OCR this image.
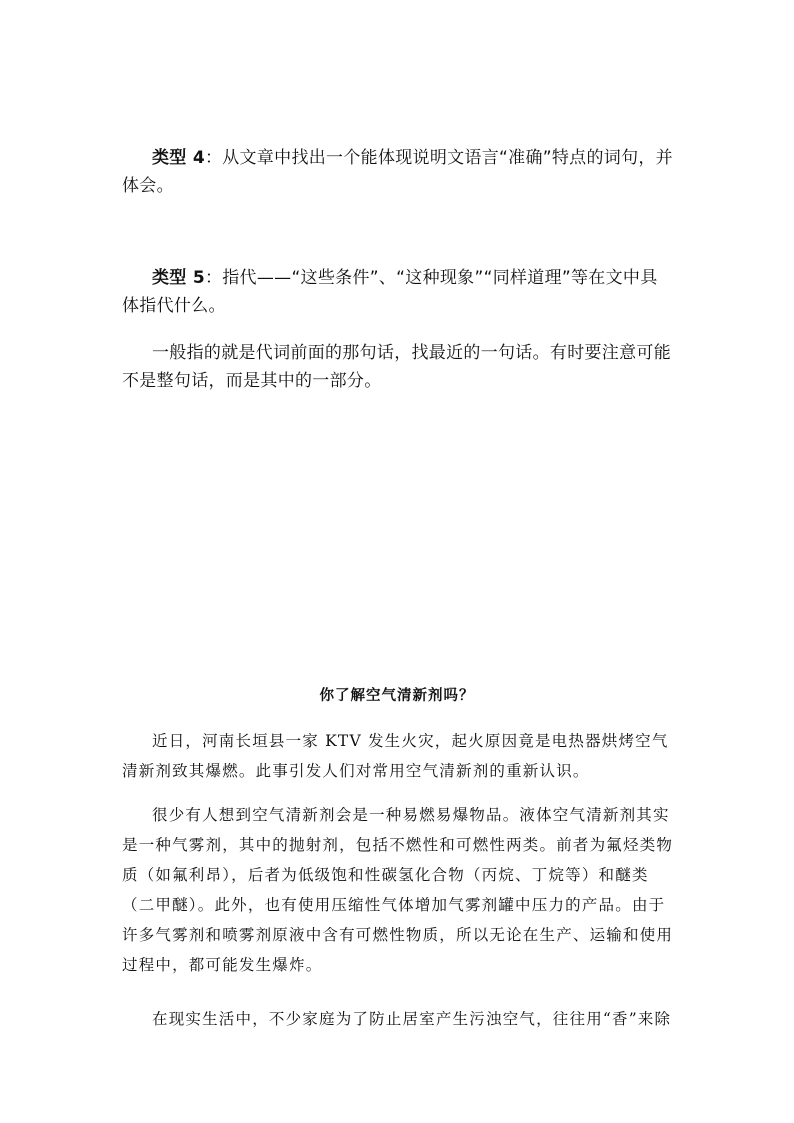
类型 4：从文章中找出一个能体现说明文语言“准确”特点的词句，并体会。

类型 5：指代——“这些条件”、“这种现象”“同样道理”等在文中具体指代什么。

一般指的就是代词前面的那句话，找最近的一句话。有时要注意可能不是整句话，而是其中的一部分。

你了解空气清新剂吗？

近日，河南长垣县一家 KTV 发生火灾，起火原因竟是电热器烘烤空气清新剂致其爆燃。此事引发人们对常用空气清新剂的重新认识。

很少有人想到空气清新剂会是一种易燃易爆物品。液体空气清新剂其实是一种气雾剂，其中的抛射剂，包括不燃性和可燃性两类。前者为氟烃类物质（如氟利昂），后者为低级饱和性碳氢化合物（丙烷、丁烷等）和醚类（二甲醚）。此外，也有使用压缩性气体增加气雾剂罐中压力的产品。由于许多气雾剂和喷雾剂原液中含有可燃性物质，所以无论在生产、运输和使用过程中，都可能发生爆炸。

在现实生活中，不少家庭为了防止居室产生污浊空气，往往用“香”来除
